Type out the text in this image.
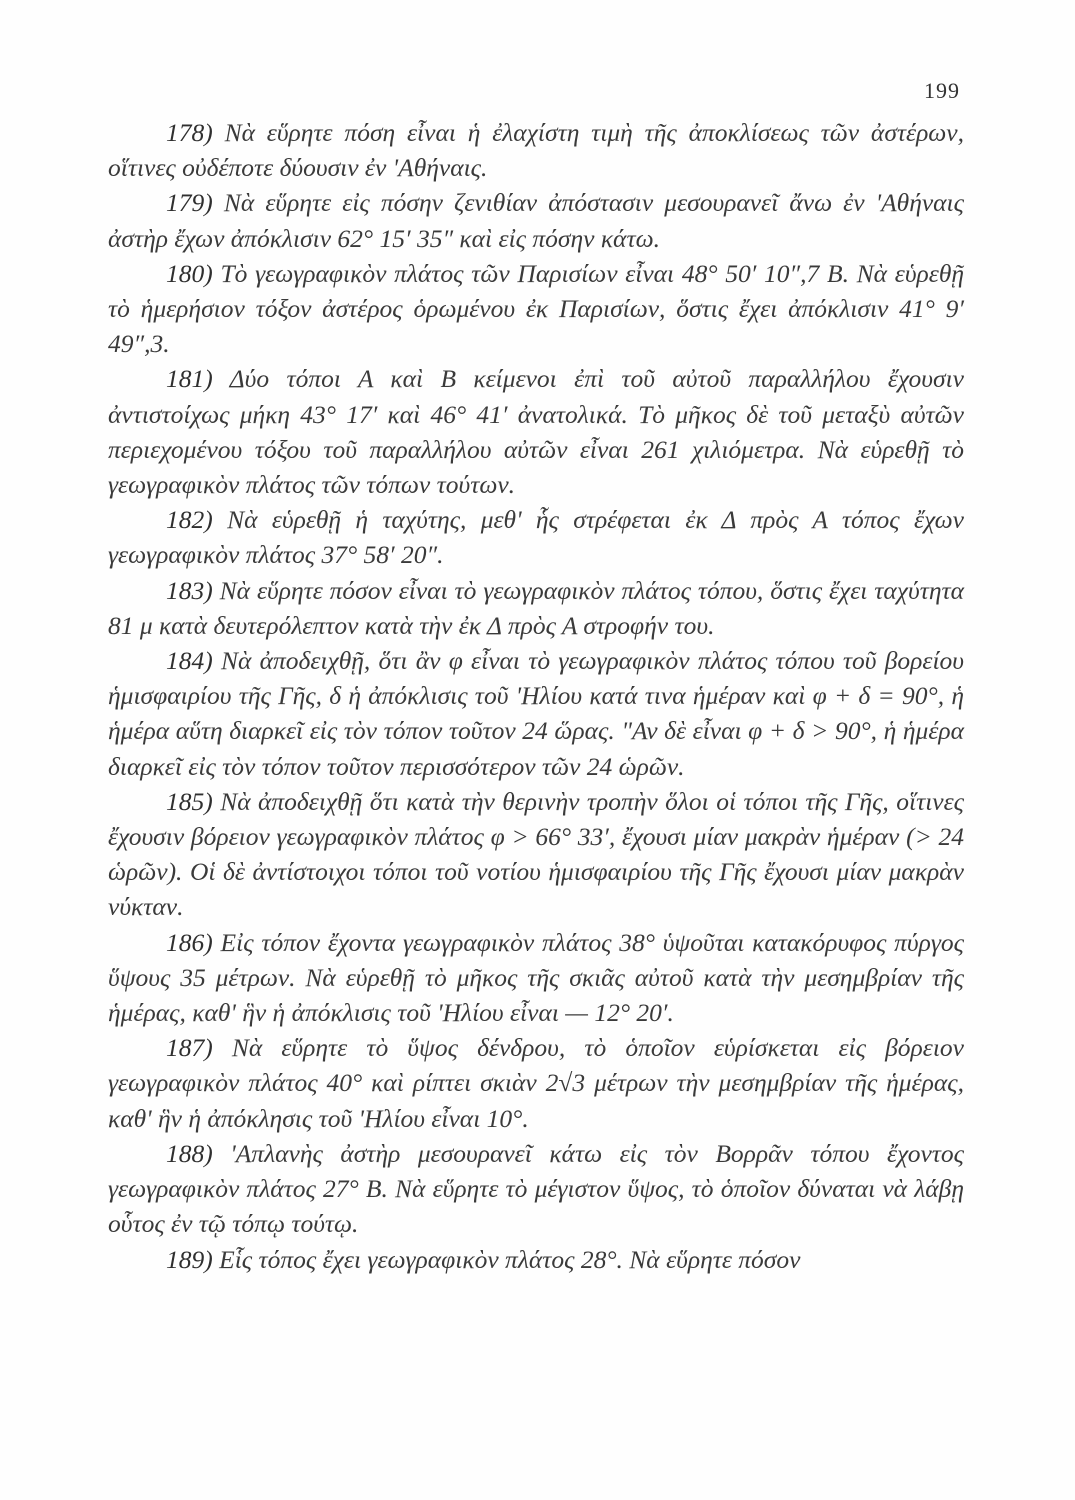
199

178) Νὰ εὕρητε πόση εἶναι ἡ ἐλαχίστη τιμὴ τῆς ἀποκλίσεως τῶν ἀστέρων, οἵτινες οὐδέποτε δύουσιν ἐν 'Αθήναις.

179) Νὰ εὕρητε εἰς πόσην ζενιθίαν ἀπόστασιν μεσουρανεῖ ἄνω ἐν 'Αθήναις ἀστὴρ ἔχων ἀπόκλισιν 62° 15′ 35″ καὶ εἰς πόσην κάτω.

180) Τὸ γεωγραφικὸν πλάτος τῶν Παρισίων εἶναι 48° 50′ 10″,7 Β. Νὰ εὑρεθῇ τὸ ἡμερήσιον τόξον ἀστέρος ὁρωμένου ἐκ Παρισίων, ὅστις ἔχει ἀπόκλισιν 41° 9′ 49″,3.

181) Δύο τόποι Α καὶ Β κείμενοι ἐπὶ τοῦ αὐτοῦ παραλλήλου ἔχουσιν ἀντιστοίχως μήκη 43° 17′ καὶ 46° 41′ ἀνατολικά. Τὸ μῆκος δὲ τοῦ μεταξὺ αὐτῶν περιεχομένου τόξου τοῦ παραλλήλου αὐτῶν εἶναι 261 χιλιόμετρα. Νὰ εὑρεθῇ τὸ γεωγραφικὸν πλάτος τῶν τόπων τούτων.

182) Νὰ εὑρεθῇ ἡ ταχύτης, μεθ' ἧς στρέφεται ἐκ Δ πρὸς Α τόπος ἔχων γεωγραφικὸν πλάτος 37° 58′ 20″.

183) Νὰ εὕρητε πόσον εἶναι τὸ γεωγραφικὸν πλάτος τόπου, ὅστις ἔχει ταχύτητα 81 μ κατὰ δευτερόλεπτον κατὰ τὴν ἐκ Δ πρὸς Α στροφήν του.

184) Νὰ ἀποδειχθῇ, ὅτι ἂν φ εἶναι τὸ γεωγραφικὸν πλάτος τόπου τοῦ βορείου ἡμισφαιρίου τῆς Γῆς, δ ἡ ἀπόκλισις τοῦ 'Ηλίου κατά τινα ἡμέραν καὶ φ + δ = 90°, ἡ ἡμέρα αὕτη διαρκεῖ εἰς τὸν τόπον τοῦτον 24 ὥρας. "Αν δὲ εἶναι φ + δ > 90°, ἡ ἡμέρα διαρκεῖ εἰς τὸν τόπον τοῦτον περισσότερον τῶν 24 ὡρῶν.

185) Νὰ ἀποδειχθῇ ὅτι κατὰ τὴν θερινὴν τροπὴν ὅλοι οἱ τόποι τῆς Γῆς, οἵτινες ἔχουσιν βόρειον γεωγραφικὸν πλάτος φ > 66° 33′, ἔχουσι μίαν μακρὰν ἡμέραν (> 24 ὡρῶν). Οἱ δὲ ἀντίστοιχοι τόποι τοῦ νοτίου ἡμισφαιρίου τῆς Γῆς ἔχουσι μίαν μακρὰν νύκταν.

186) Εἰς τόπον ἔχοντα γεωγραφικὸν πλάτος 38° ὑψοῦται κατακόρυφος πύργος ὕψους 35 μέτρων. Νὰ εὑρεθῇ τὸ μῆκος τῆς σκιᾶς αὐτοῦ κατὰ τὴν μεσημβρίαν τῆς ἡμέρας, καθ' ἣν ἡ ἀπόκλισις τοῦ 'Ηλίου εἶναι — 12° 20′.

187) Νὰ εὕρητε τὸ ὕψος δένδρου, τὸ ὁποῖον εὑρίσκεται εἰς βόρειον γεωγραφικὸν πλάτος 40° καὶ ρίπτει σκιὰν 2√3 μέτρων τὴν μεσημβρίαν τῆς ἡμέρας, καθ' ἣν ἡ ἀπόκλησις τοῦ 'Ηλίου εἶναι 10°.

188) 'Απλανὴς ἀστὴρ μεσουρανεῖ κάτω εἰς τὸν Βορρᾶν τόπου ἔχοντος γεωγραφικὸν πλάτος 27° Β. Νὰ εὕρητε τὸ μέγιστον ὕψος, τὸ ὁποῖον δύναται νὰ λάβῃ οὗτος ἐν τῷ τόπῳ τούτῳ.

189) Εἷς τόπος ἔχει γεωγραφικὸν πλάτος 28°. Νὰ εὕρητε πόσον
